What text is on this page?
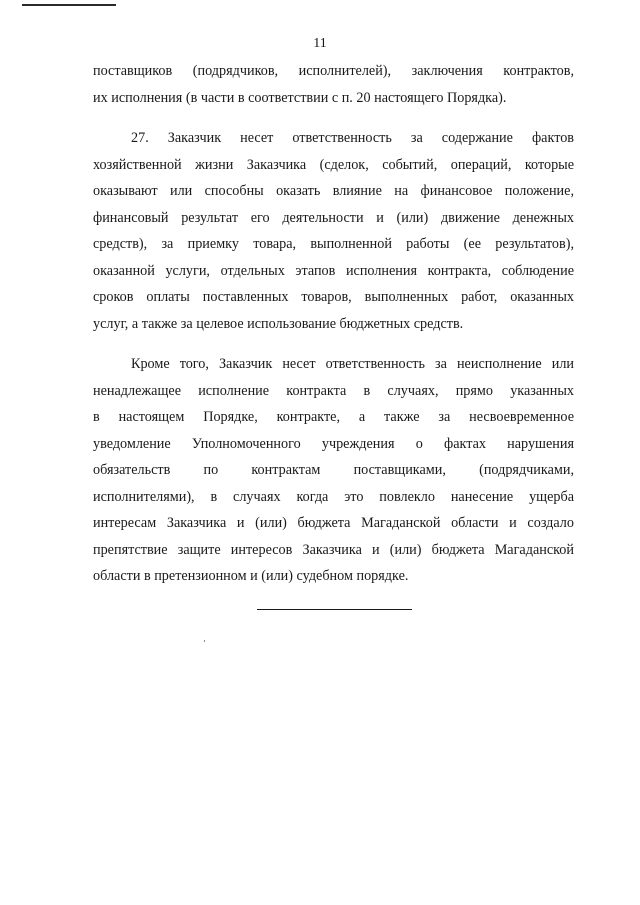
11
поставщиков (подрядчиков, исполнителей), заключения контрактов,
их исполнения (в части в соответствии с п. 20 настоящего Порядка).
27. Заказчик несет ответственность за содержание фактов
хозяйственной жизни Заказчика (сделок, событий, операций, которые
оказывают или способны оказать влияние на финансовое положение,
финансовый результат его деятельности и (или) движение денежных
средств), за приемку товара, выполненной работы (ее результатов),
оказанной услуги, отдельных этапов исполнения контракта, соблюдение
сроков оплаты поставленных товаров, выполненных работ, оказанных
услуг, а также за целевое использование бюджетных средств.
Кроме того, Заказчик несет ответственность за неисполнение или
ненадлежащее исполнение контракта в случаях, прямо указанных
в настоящем Порядке, контракте, а также за несвоевременное
уведомление Уполномоченного учреждения о фактах нарушения
обязательств по контрактам поставщиками, (подрядчиками,
исполнителями), в случаях когда это повлекло нанесение ущерба
интересам Заказчика и (или) бюджета Магаданской области и создало
препятствие защите интересов Заказчика и (или) бюджета Магаданской
области в претензионном и (или) судебном порядке.
